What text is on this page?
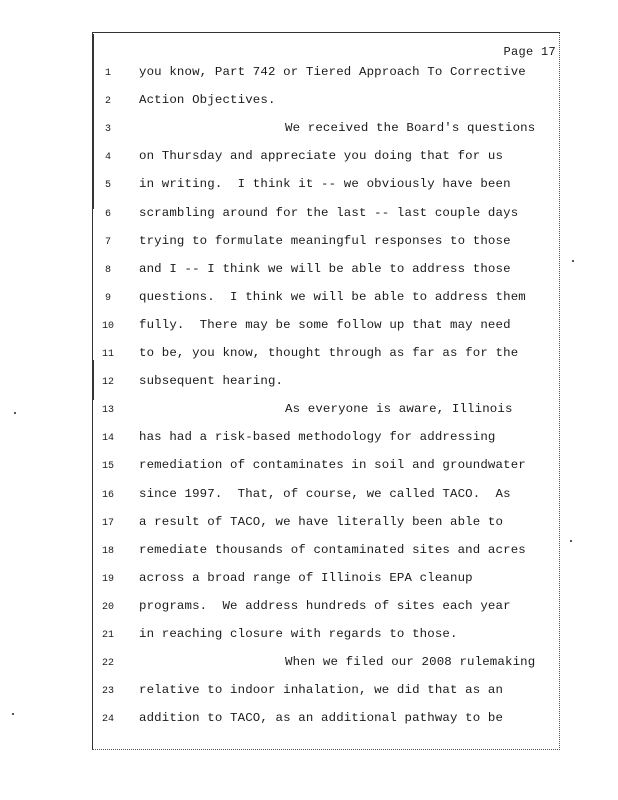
Page 17
1	you know, Part 742 or Tiered Approach To Corrective
2	Action Objectives.
3	We received the Board's questions
4	on Thursday and appreciate you doing that for us
5	in writing.  I think it -- we obviously have been
6	scrambling around for the last -- last couple days
7	trying to formulate meaningful responses to those
8	and I -- I think we will be able to address those
9	questions.  I think we will be able to address them
10	fully.  There may be some follow up that may need
11	to be, you know, thought through as far as for the
12	subsequent hearing.
13	As everyone is aware, Illinois
14	has had a risk-based methodology for addressing
15	remediation of contaminates in soil and groundwater
16	since 1997.  That, of course, we called TACO.  As
17	a result of TACO, we have literally been able to
18	remediate thousands of contaminated sites and acres
19	across a broad range of Illinois EPA cleanup
20	programs.  We address hundreds of sites each year
21	in reaching closure with regards to those.
22	When we filed our 2008 rulemaking
23	relative to indoor inhalation, we did that as an
24	addition to TACO, as an additional pathway to be
